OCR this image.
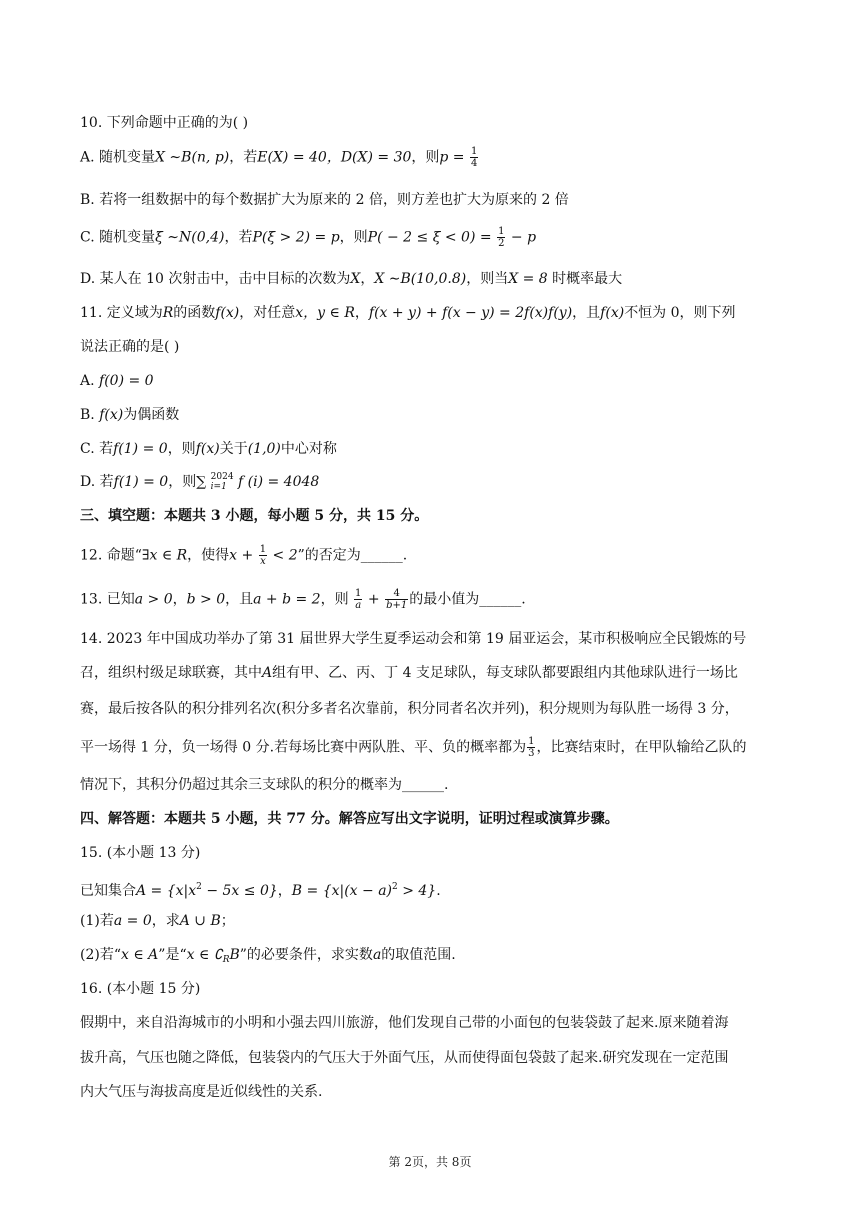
10. 下列命题中正确的为( )
A. 随机变量X ∼B(n, p)，若E(X) = 40，D(X) = 30，则$p = \frac{1}{4}$
B. 若将一组数据中的每个数据扩大为原来的 2 倍，则方差也扩大为原来的 2 倍
C. 随机变量ξ ∼N(0,4)，若P(ξ > 2) = p，则$P( - 2 \le \xi < 0) = \frac{1}{2} - p$
D. 某人在 10 次射击中，击中目标的次数为X，X ∼B(10,0.8)，则当X = 8 时概率最大
11. 定义域为R的函数f(x)，对任意x，y ∈ R，f(x + y) + f(x − y) = 2f(x)f(y)，且f(x)不恒为 0，则下列
说法正确的是( )
A. f(0) = 0
B. f(x)为偶函数
C. 若f(1) = 0，则f(x)关于(1,0)中心对称
D. 若f(1) = 0，则∑ 2024
i=1 f (i) = 4048
三、填空题：本题共 3 小题，每小题 5 分，共 15 分。
12. 命题“∃x ∈ R，使得$x + \frac{1}{x} < 2$”的否定为______.
13. 已知a > 0，b > 0，且a + b = 2，则 $\frac{1}{a} + \frac{4}{b+1}$ 的最小值为______.
14. 2023 年中国成功举办了第 31 届世界大学生夏季运动会和第 19 届亚运会，某市积极响应全民锻炼的号
召，组织村级足球联赛，其中A组有甲、乙、丙、丁 4 支足球队，每支球队都要跟组内其他球队进行一场比
赛，最后按各队的积分排列名次(积分多者名次靠前，积分同者名次并列)，积分规则为每队胜一场得 3 分，
平一场得 1 分，负一场得 0 分.若每场比赛中两队胜、平、负的概率都为 $\frac{1}{3}$ ，比赛结束时，在甲队输给乙队的
情况下，其积分仍超过其余三支球队的积分的概率为______.
四、解答题：本题共 5 小题，共 77 分。解答应写出文字说明，证明过程或演算步骤。
15. (本小题 13 分)
已知集合$A = \{x|x^2 - 5x \le 0\}$，$B = \{x|(x - a)^2 > 4\}$.
(1)若a = 0，求A ∪ B；
(2)若“x ∈ A”是“x ∈ $∁_RB$”的必要条件，求实数a的取值范围.
16. (本小题 15 分)
假期中，来自沿海城市的小明和小强去四川旅游，他们发现自己带的小面包的包装袋鼓了起来.原来随着海
拔升高，气压也随之降低，包装袋内的气压大于外面气压，从而使得面包袋鼓了起来.研究发现在一定范围
内大气压与海拔高度是近似线性的关系.
第 2页，共 8页
